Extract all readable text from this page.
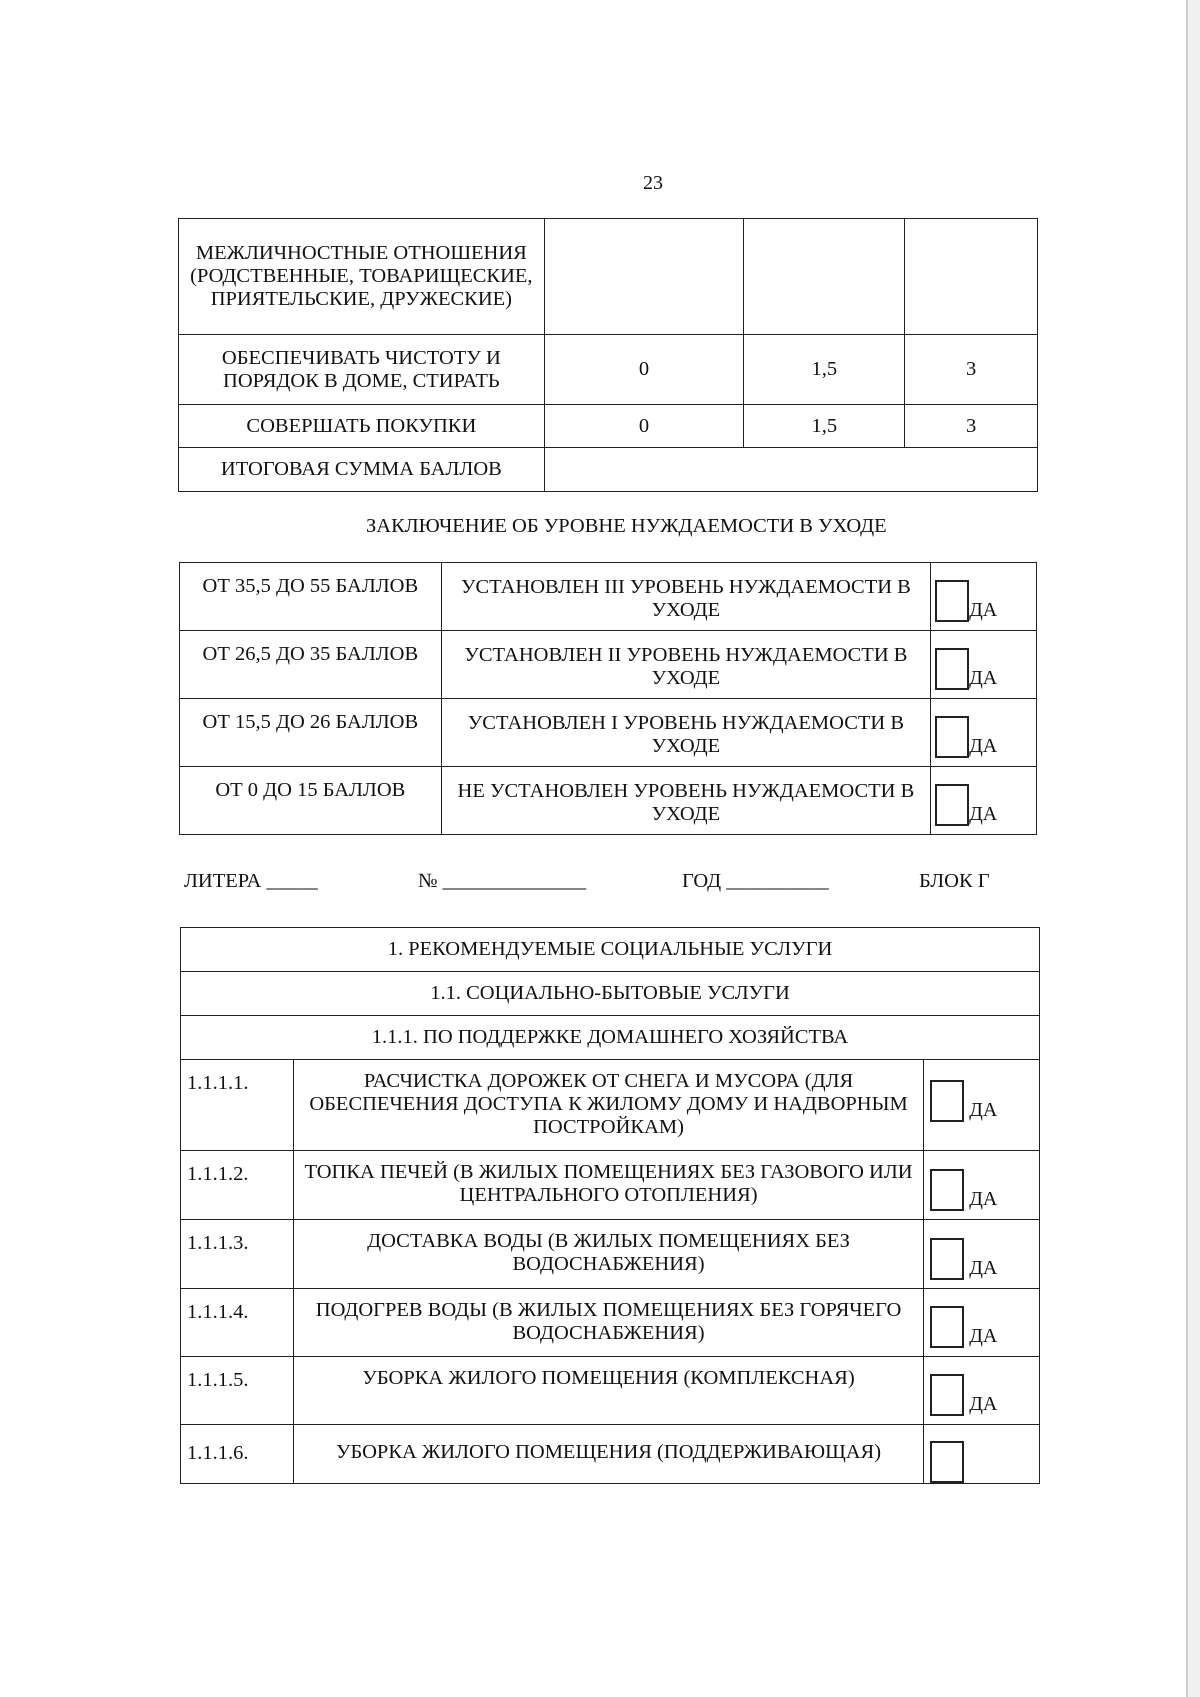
23
МЕЖЛИЧНОСТНЫЕ ОТНОШЕНИЯ (РОДСТВЕННЫЕ, ТОВАРИЩЕСКИЕ, ПРИЯТЕЛЬСКИЕ, ДРУЖЕСКИЕ)			
ОБЕСПЕЧИВАТЬ ЧИСТОТУ И ПОРЯДОК В ДОМЕ, СТИРАТЬ	0	1,5	3
СОВЕРШАТЬ ПОКУПКИ	0	1,5	3
ИТОГОВАЯ СУММА БАЛЛОВ			
ЗАКЛЮЧЕНИЕ ОБ УРОВНЕ НУЖДАЕМОСТИ В УХОДЕ
ОТ 35,5 ДО 55 БАЛЛОВ	УСТАНОВЛЕН III УРОВЕНЬ НУЖДАЕМОСТИ В УХОДЕ	ДА
ОТ 26,5 ДО 35 БАЛЛОВ	УСТАНОВЛЕН II УРОВЕНЬ НУЖДАЕМОСТИ В УХОДЕ	ДА
ОТ 15,5 ДО 26 БАЛЛОВ	УСТАНОВЛЕН I УРОВЕНЬ НУЖДАЕМОСТИ В УХОДЕ	ДА
ОТ 0 ДО 15 БАЛЛОВ	НЕ УСТАНОВЛЕН УРОВЕНЬ НУЖДАЕМОСТИ В УХОДЕ	ДА
ЛИТЕРА _____	№ ______________	ГОД __________	БЛОК Г
1. РЕКОМЕНДУЕМЫЕ СОЦИАЛЬНЫЕ УСЛУГИ		
1.1. СОЦИАЛЬНО-БЫТОВЫЕ УСЛУГИ		
1.1.1. ПО ПОДДЕРЖКЕ ДОМАШНЕГО ХОЗЯЙСТВА		
1.1.1.1.	РАСЧИСТКА ДОРОЖЕК ОТ СНЕГА И МУСОРА (ДЛЯ ОБЕСПЕЧЕНИЯ ДОСТУПА К ЖИЛОМУ ДОМУ И НАДВОРНЫМ ПОСТРОЙКАМ)	ДА
1.1.1.2.	ТОПКА ПЕЧЕЙ (В ЖИЛЫХ ПОМЕЩЕНИЯХ БЕЗ ГАЗОВОГО ИЛИ ЦЕНТРАЛЬНОГО ОТОПЛЕНИЯ)	ДА
1.1.1.3.	ДОСТАВКА ВОДЫ (В ЖИЛЫХ ПОМЕЩЕНИЯХ БЕЗ ВОДОСНАБЖЕНИЯ)	ДА
1.1.1.4.	ПОДОГРЕВ ВОДЫ (В ЖИЛЫХ ПОМЕЩЕНИЯХ БЕЗ ГОРЯЧЕГО ВОДОСНАБЖЕНИЯ)	ДА
1.1.1.5.	УБОРКА ЖИЛОГО ПОМЕЩЕНИЯ (КОМПЛЕКСНАЯ)	ДА
1.1.1.6.	УБОРКА ЖИЛОГО ПОМЕЩЕНИЯ (ПОДДЕРЖИВАЮЩАЯ)	
